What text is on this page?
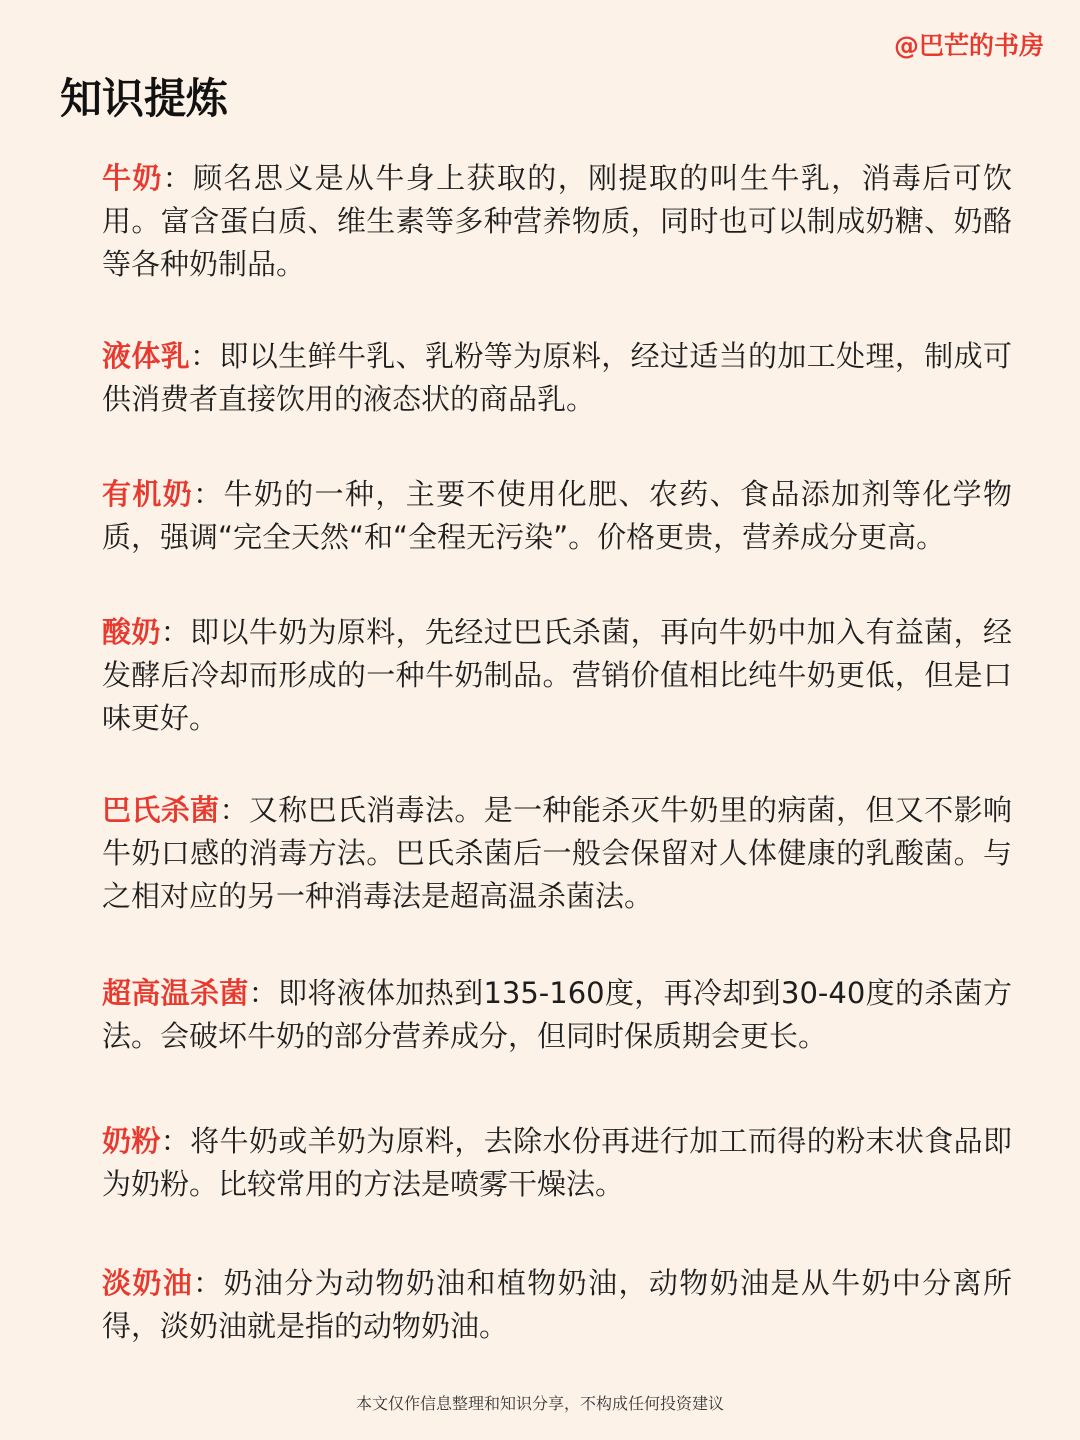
@巴芒的书房
知识提炼

牛奶：顾名思义是从牛身上获取的，刚提取的叫生牛乳，消毒后可饮用。富含蛋白质、维生素等多种营养物质，同时也可以制成奶糖、奶酪等各种奶制品。

液体乳：即以生鲜牛乳、乳粉等为原料，经过适当的加工处理，制成可供消费者直接饮用的液态状的商品乳。

有机奶：牛奶的一种，主要不使用化肥、农药、食品添加剂等化学物质，强调“完全天然“和“全程无污染”。价格更贵，营养成分更高。

酸奶：即以牛奶为原料，先经过巴氏杀菌，再向牛奶中加入有益菌，经发酵后冷却而形成的一种牛奶制品。营销价值相比纯牛奶更低，但是口味更好。

巴氏杀菌：又称巴氏消毒法。是一种能杀灭牛奶里的病菌，但又不影响牛奶口感的消毒方法。巴氏杀菌后一般会保留对人体健康的乳酸菌。与之相对应的另一种消毒法是超高温杀菌法。

超高温杀菌：即将液体加热到135-160度，再冷却到30-40度的杀菌方法。会破坏牛奶的部分营养成分，但同时保质期会更长。

奶粉：将牛奶或羊奶为原料，去除水份再进行加工而得的粉末状食品即为奶粉。比较常用的方法是喷雾干燥法。

淡奶油：奶油分为动物奶油和植物奶油，动物奶油是从牛奶中分离所得，淡奶油就是指的动物奶油。

本文仅作信息整理和知识分享，不构成任何投资建议
